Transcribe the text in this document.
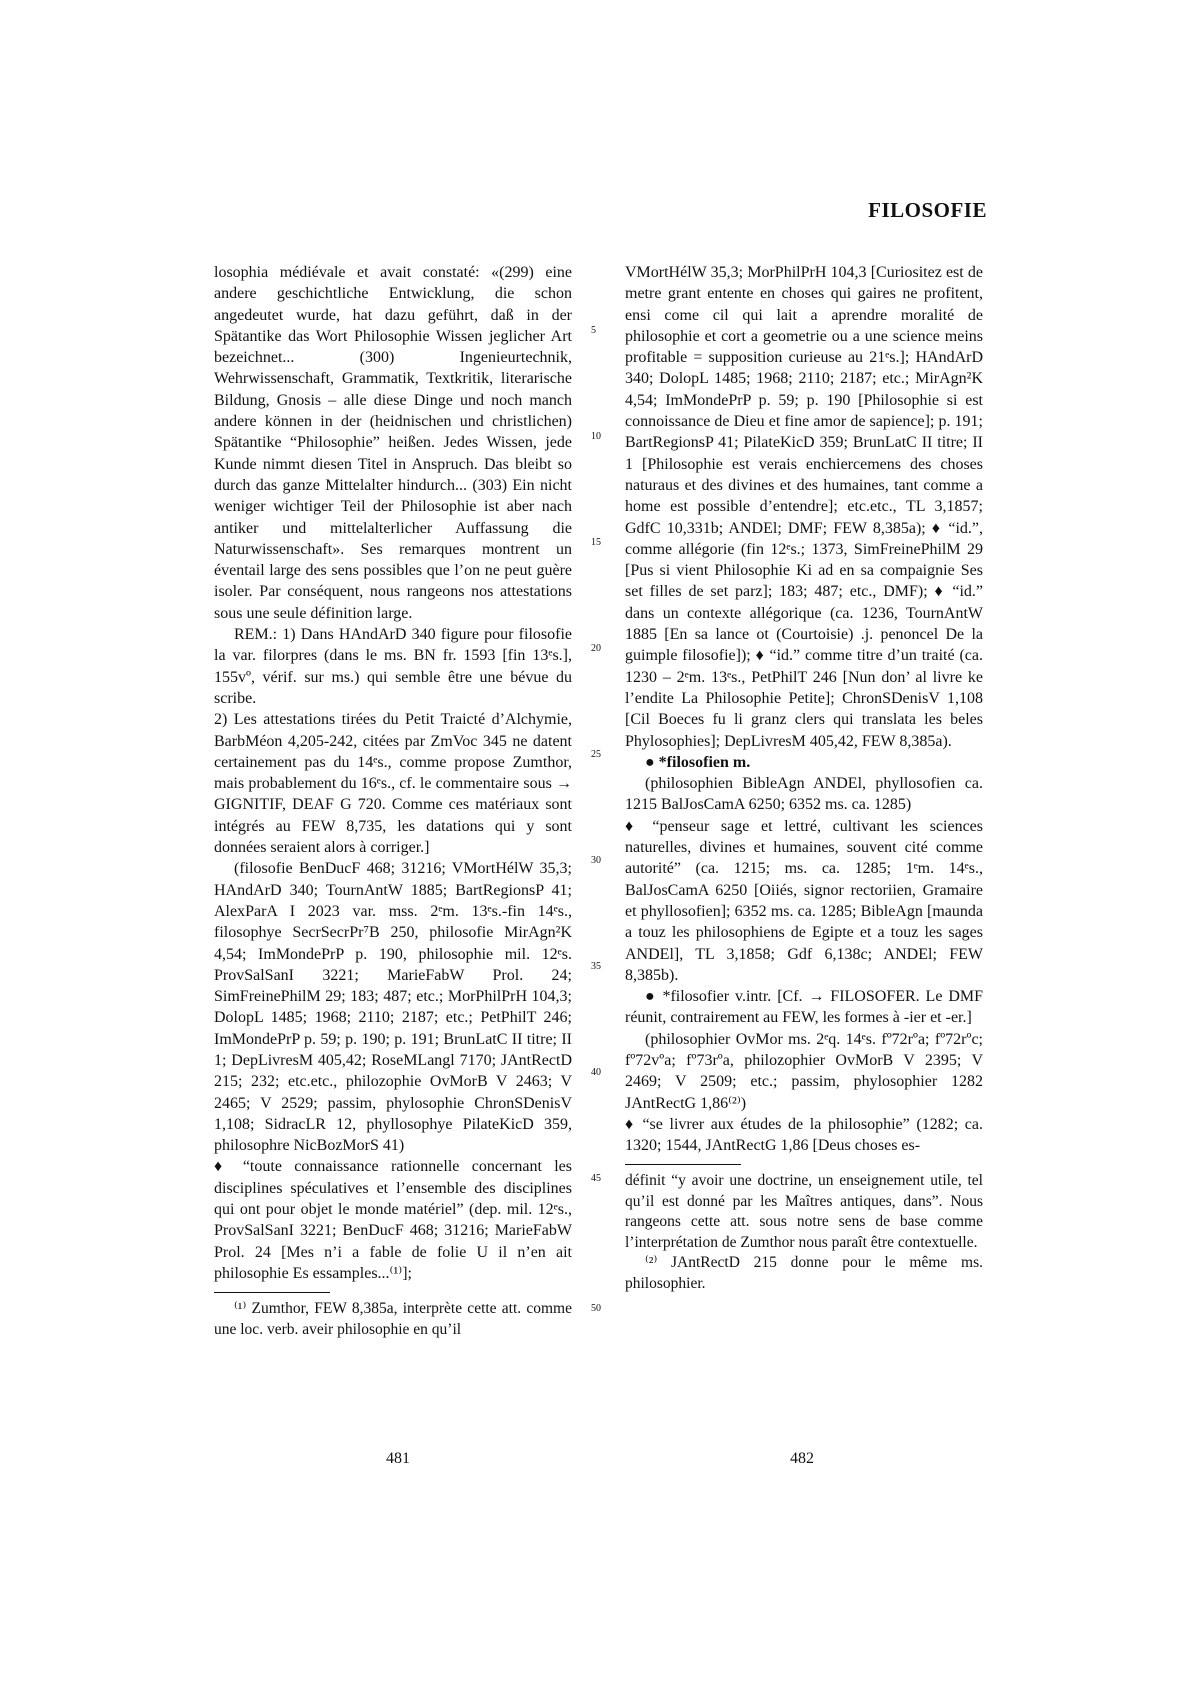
FILOSOFIE

losophia médiévale et avait constaté: «(299) eine andere geschichtliche Entwicklung, die schon angedeutet wurde, hat dazu geführt, daß in der Spätantike das Wort Philosophie Wissen jeglicher Art bezeichnet... (300) Ingenieurtechnik, Wehrwissenschaft, Grammatik, Textkritik, literarische Bildung, Gnosis – alle diese Dinge und noch manch andere können in der (heidnischen und christlichen) Spätantike “Philosophie” heißen. Jedes Wissen, jede Kunde nimmt diesen Titel in Anspruch. Das bleibt so durch das ganze Mittelalter hindurch... (303) Ein nicht weniger wichtiger Teil der Philosophie ist aber nach antiker und mittelalterlicher Auffassung die Naturwissenschaft». Ses remarques montrent un éventail large des sens possibles que l’on ne peut guère isoler. Par conséquent, nous rangeons nos attestations sous une seule définition large.

REM.: 1) Dans HAndArD 340 figure pour filosofie la var. filorpres (dans le ms. BN fr. 1593 [fin 13ᵉs.], 155vº, vérif. sur ms.) qui semble être une bévue du scribe.

2) Les attestations tirées du Petit Traicté d’Alchymie, BarbMéon 4,205-242, citées par ZmVoc 345 ne datent certainement pas du 14ᵉs., comme propose Zumthor, mais probablement du 16ᵉs., cf. le commentaire sous → GIGNITIF, DEAF G 720. Comme ces matériaux sont intégrés au FEW 8,735, les datations qui y sont données seraient alors à corriger.]

(filosofie BenDucF 468; 31216; VMortHélW 35,3; HAndArD 340; TournAntW 1885; BartRegionsP 41; AlexParA I 2023 var. mss. 2ᵉm. 13ᵉs.-fin 14ᵉs., filosophye SecrSecrPr⁷B 250, philosofie MirAgn²K 4,54; ImMondePrP p. 190, philosophie mil. 12ᵉs. ProvSalSanI 3221; MarieFabW Prol. 24; SimFreinePhilM 29; 183; 487; etc.; MorPhilPrH 104,3; DolopL 1485; 1968; 2110; 2187; etc.; PetPhilT 246; ImMondePrP p. 59; p. 190; p. 191; BrunLatC II titre; II 1; DepLivresM 405,42; RoseMLangl 7170; JAntRectD 215; 232; etc.etc., philozophie OvMorB V 2463; V 2465; V 2529; passim, phylosophie ChronSDenisV 1,108; SidracLR 12, phyllosophye PilateKicD 359, philosophre NicBozMorS 41)

♦ “toute connaissance rationnelle concernant les disciplines spéculatives et l’ensemble des disciplines qui ont pour objet le monde matériel” (dep. mil. 12ᵉs., ProvSalSanI 3221; BenDucF 468; 31216; MarieFabW Prol. 24 [Mes n’i a fable de folie U il n’en ait philosophie Es essamples...⁽¹⁾];

⁽¹⁾ Zumthor, FEW 8,385a, interprète cette att. comme une loc. verb. aveir philosophie en qu’il

5
10
15
20
25
30
35
40
45
50

VMortHélW 35,3; MorPhilPrH 104,3 [Curiositez est de metre grant entente en choses qui gaires ne profitent, ensi come cil qui lait a aprendre moralité de philosophie et cort a geometrie ou a une science meins profitable = supposition curieuse au 21ᵉs.]; HAndArD 340; DolopL 1485; 1968; 2110; 2187; etc.; MirAgn²K 4,54; ImMondePrP p. 59; p. 190 [Philosophie si est connoissance de Dieu et fine amor de sapience]; p. 191; BartRegionsP 41; PilateKicD 359; BrunLatC II titre; II 1 [Philosophie est verais enchiercemens des choses naturaus et des divines et des humaines, tant comme a home est possible d’entendre]; etc.etc., TL 3,1857; GdfC 10,331b; ANDEl; DMF; FEW 8,385a); ♦ “id.”, comme allégorie (fin 12ᵉs.; 1373, SimFreinePhilM 29 [Pus si vient Philosophie Ki ad en sa compaignie Ses set filles de set parz]; 183; 487; etc., DMF); ♦ “id.” dans un contexte allégorique (ca. 1236, TournAntW 1885 [En sa lance ot (Courtoisie) .j. penoncel De la guimple filosofie]); ♦ “id.” comme titre d’un traité (ca. 1230 – 2ᵉm. 13ᵉs., PetPhilT 246 [Nun don’ al livre ke l’endite La Philosophie Petite]; ChronSDenisV 1,108 [Cil Boeces fu li granz clers qui translata les beles Phylosophies]; DepLivresM 405,42, FEW 8,385a).

● *filosofien m.

(philosophien BibleAgn ANDEl, phyllosofien ca. 1215 BalJosCamA 6250; 6352 ms. ca. 1285)

♦ “penseur sage et lettré, cultivant les sciences naturelles, divines et humaines, souvent cité comme autorité” (ca. 1215; ms. ca. 1285; 1ᵉm. 14ᵉs., BalJosCamA 6250 [Oiiés, signor rectoriien, Gramaire et phyllosofien]; 6352 ms. ca. 1285; BibleAgn [maunda a touz les philosophiens de Egipte et a touz les sages ANDEl], TL 3,1858; Gdf 6,138c; ANDEl; FEW 8,385b).

● *filosofier v.intr. [Cf. → FILOSOFER. Le DMF réunit, contrairement au FEW, les formes à -ier et -er.]

(philosophier OvMor ms. 2ᵉq. 14ᵉs. fº72rºa; fº72rºc; fº72vºa; fº73rºa, philozophier OvMorB V 2395; V 2469; V 2509; etc.; passim, phylosophier 1282 JAntRectG 1,86⁽²⁾)

♦ “se livrer aux études de la philosophie” (1282; ca. 1320; 1544, JAntRectG 1,86 [Deus choses es-

définit “y avoir une doctrine, un enseignement utile, tel qu’il est donné par les Maîtres antiques, dans”. Nous rangeons cette att. sous notre sens de base comme l’interprétation de Zumthor nous paraît être contextuelle.

⁽²⁾ JAntRectD 215 donne pour le même ms. philosophier.

481	482
